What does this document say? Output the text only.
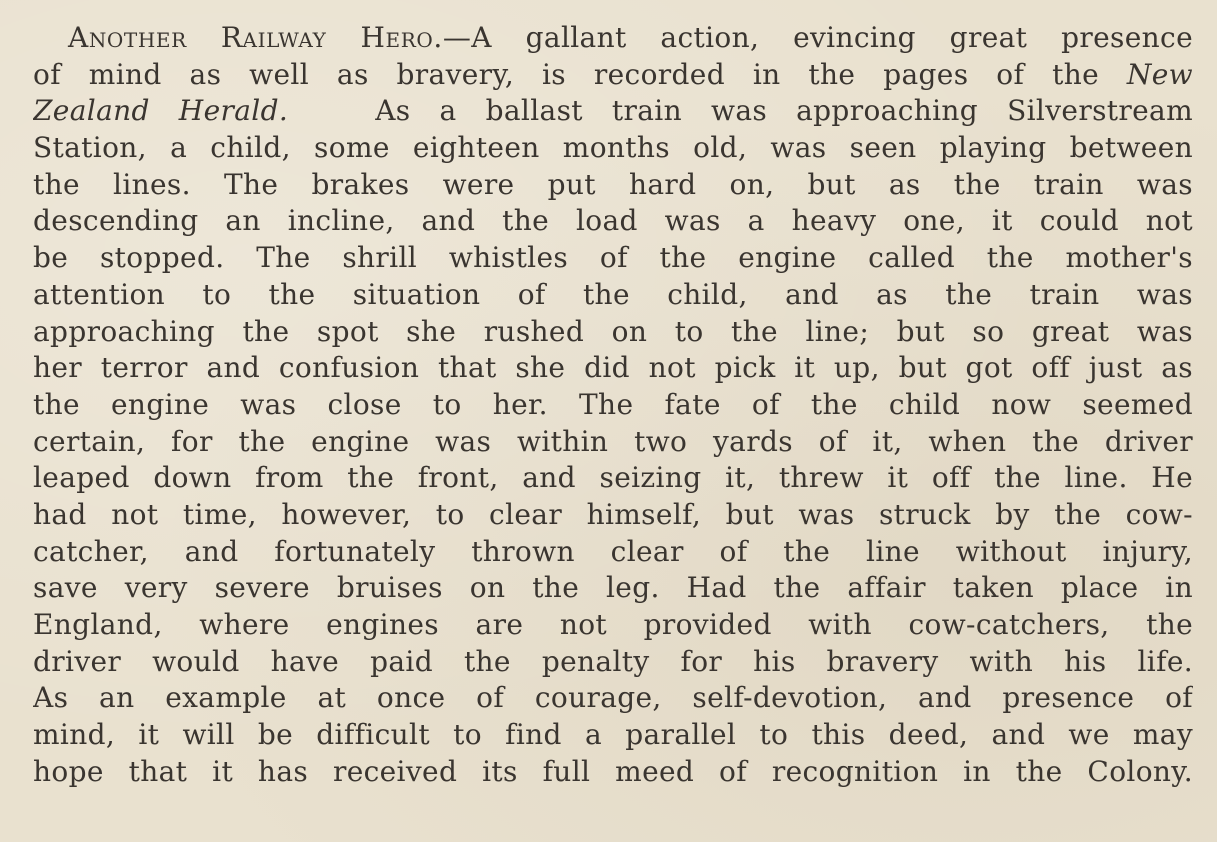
Another Railway Hero.—A gallant action, evincing great presence
of mind as well as bravery, is recorded in the pages of the New
Zealand Herald.	As a ballast train was approaching Silverstream
Station, a child, some eighteen months old, was seen playing between
the lines. The brakes were put hard on, but as the train was
descending an incline, and the load was a heavy one, it could not
be stopped. The shrill whistles of the engine called the mother's
attention to the situation of the child, and as the train was
approaching the spot she rushed on to the line; but so great was
her terror and confusion that she did not pick it up, but got off just as
the engine was close to her. The fate of the child now seemed
certain, for the engine was within two yards of it, when the driver
leaped down from the front, and seizing it, threw it off the line. He
had not time, however, to clear himself, but was struck by the cow-
catcher, and fortunately thrown clear of the line without injury,
save very severe bruises on the leg. Had the affair taken place in
England, where engines are not provided with cow-catchers, the
driver would have paid the penalty for his bravery with his life.
As an example at once of courage, self-devotion, and presence of
mind, it will be difficult to find a parallel to this deed, and we may
hope that it has received its full meed of recognition in the Colony.
